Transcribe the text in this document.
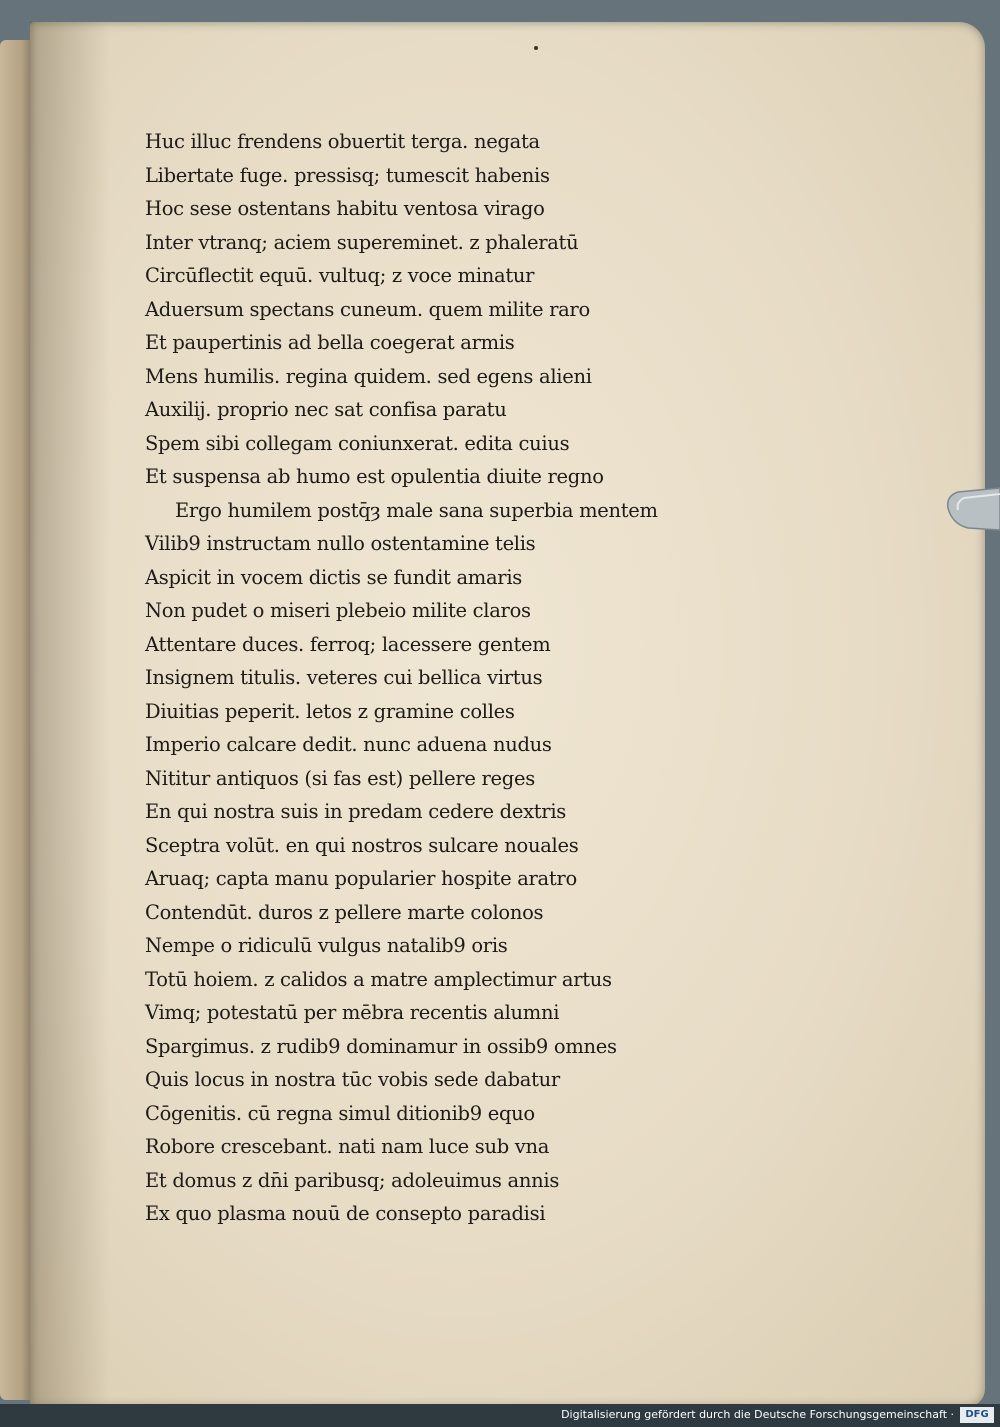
Huc illuc frendens obuertit terga. negata
Libertate fuge. pressisq; tumescit habenis
Hoc sese ostentans habitu ventosa virago
Inter vtranq; aciem supereminet. z phaleratū
Circūflectit equū. vultuq; z voce minatur
Aduersum spectans cuneum. quem milite raro
Et paupertinis ad bella coegerat armis
Mens humilis. regina quidem. sed egens alieni
Auxilij. proprio nec sat confisa paratu
Spem sibi collegam coniunxerat. edita cuius
Et suspensa ab humo est opulentia diuite regno
Ergo humilem postq̄ȝ male sana superbia mentem
Vilib9 instructam nullo ostentamine telis
Aspicit in vocem dictis se fundit amaris
Non pudet o miseri plebeio milite claros
Attentare duces. ferroq; lacessere gentem
Insignem titulis. veteres cui bellica virtus
Diuitias peperit. letos z gramine colles
Imperio calcare dedit. nunc aduena nudus
Nititur antiquos (si fas est) pellere reges
En qui nostra suis in predam cedere dextris
Sceptra volūt. en qui nostros sulcare nouales
Aruaq; capta manu popularier hospite aratro
Contendūt. duros z pellere marte colonos
Nempe o ridiculū vulgus natalib9 oris
Totū hoiem. z calidos a matre amplectimur artus
Vimq; potestatū per mēbra recentis alumni
Spargimus. z rudib9 dominamur in ossib9 omnes
Quis locus in nostra tūc vobis sede dabatur
Cōgenitis. cū regna simul ditionib9 equo
Robore crescebant. nati nam luce sub vna
Et domus z dn̄i paribusq; adoleuimus annis
Ex quo plasma nouū de consepto paradisi
Digitalisierung gefördert durch die Deutsche Forschungsgemeinschaft ·	DFG
